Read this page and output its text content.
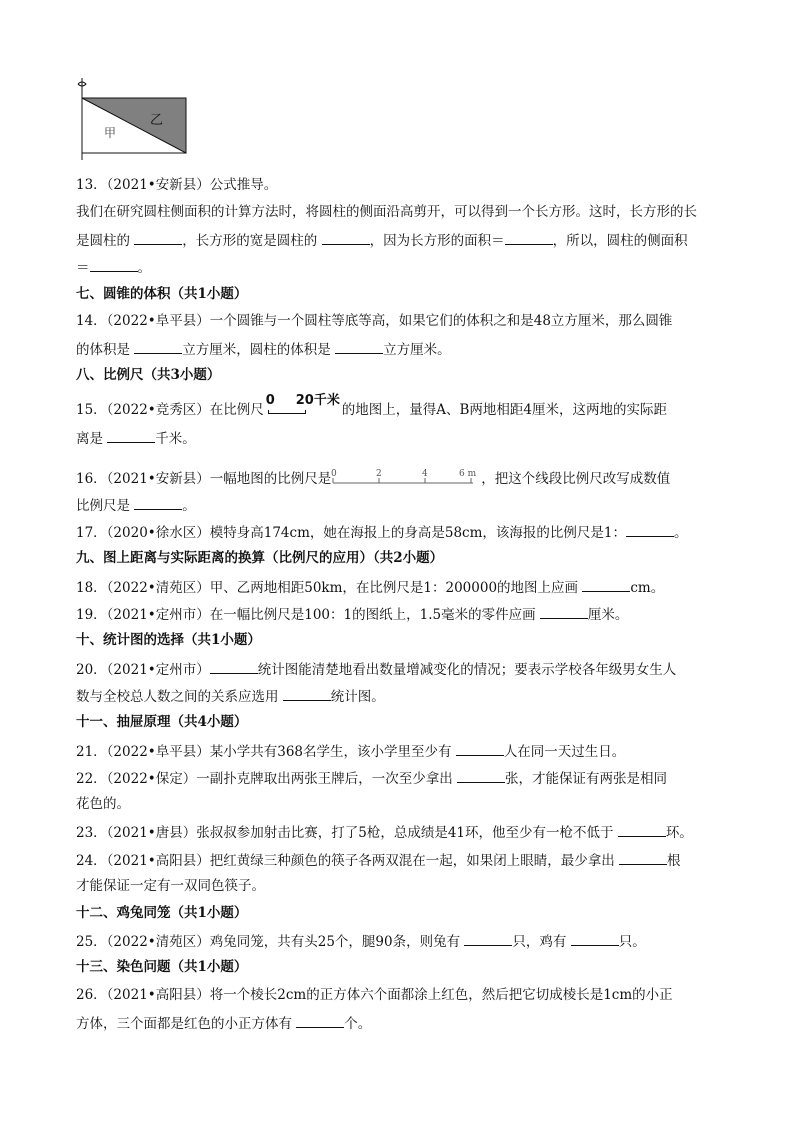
乙
甲
13．（2021•安新县）公式推导。
我们在研究圆柱侧面积的计算方法时，将圆柱的侧面沿高剪开，可以得到一个长方形。这时，长方形的长
是圆柱的	，长方形的宽是圆柱的	，因为长方形的面积＝	，所以，圆柱的侧面积
＝	。
七、圆锥的体积（共1小题）
14．（2022•阜平县）一个圆锥与一个圆柱等底等高，如果它们的体积之和是48立方厘米，那么圆锥
的体积是	立方厘米，圆柱的体积是	立方厘米。
八、比例尺（共3小题）
15．（2022•竞秀区）在比例尺
0 20千米
的地图上，量得A、B两地相距4厘米，这两地的实际距
离是	千米。
16．（2021•安新县）一幅地图的比例尺是 0	2	4	6 m ，把这个线段比例尺改写成数值
比例尺是	。
17．（2020•徐水区）模特身高174cm，她在海报上的身高是58cm，该海报的比例尺是1：	。
九、图上距离与实际距离的换算（比例尺的应用）（共2小题）
18．（2022•清苑区）甲、乙两地相距50km，在比例尺是1：200000的地图上应画	cm。
19．（2021•定州市）在一幅比例尺是100：1的图纸上，1.5毫米的零件应画	厘米。
十、统计图的选择（共1小题）
20．（2021•定州市）	统计图能清楚地看出数量增减变化的情况；要表示学校各年级男女生人
数与全校总人数之间的关系应选用	统计图。
十一、抽屉原理（共4小题）
21．（2022•阜平县）某小学共有368名学生，该小学里至少有	人在同一天过生日。
22．（2022•保定）一副扑克牌取出两张王牌后，一次至少拿出	张，才能保证有两张是相同
花色的。
23．（2021•唐县）张叔叔参加射击比赛，打了5枪，总成绩是41环，他至少有一枪不低于	环。
24．（2021•高阳县）把红黄绿三种颜色的筷子各两双混在一起，如果闭上眼睛，最少拿出	根
才能保证一定有一双同色筷子。
十二、鸡兔同笼（共1小题）
25．（2022•清苑区）鸡兔同笼，共有头25个，腿90条，则兔有	只，鸡有	只。
十三、染色问题（共1小题）
26．（2021•高阳县）将一个棱长2cm的正方体六个面都涂上红色，然后把它切成棱长是1cm的小正
方体，三个面都是红色的小正方体有	个。
